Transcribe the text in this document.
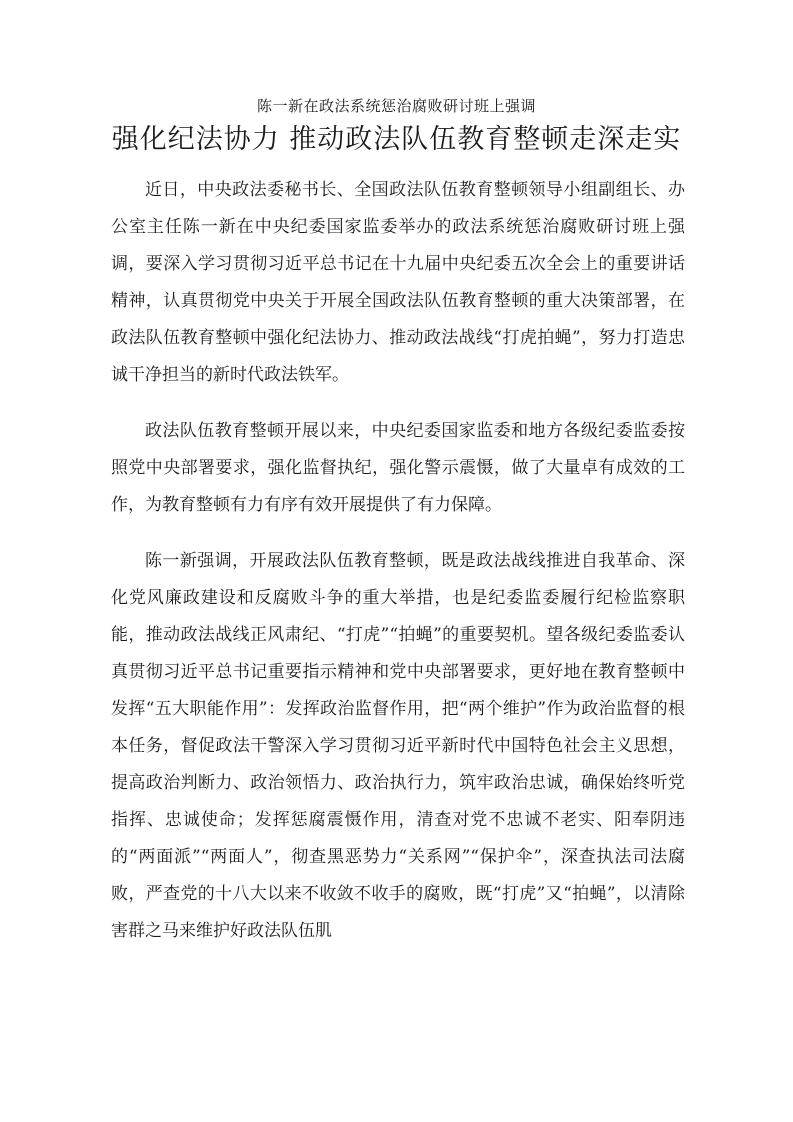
陈一新在政法系统惩治腐败研讨班上强调
强化纪法协力 推动政法队伍教育整顿走深走实

近日，中央政法委秘书长、全国政法队伍教育整顿领导小组副组长、办公室主任陈一新在中央纪委国家监委举办的政法系统惩治腐败研讨班上强调，要深入学习贯彻习近平总书记在十九届中央纪委五次全会上的重要讲话精神，认真贯彻党中央关于开展全国政法队伍教育整顿的重大决策部署，在政法队伍教育整顿中强化纪法协力、推动政法战线“打虎拍蝇”，努力打造忠诚干净担当的新时代政法铁军。

政法队伍教育整顿开展以来，中央纪委国家监委和地方各级纪委监委按照党中央部署要求，强化监督执纪，强化警示震慑，做了大量卓有成效的工作，为教育整顿有力有序有效开展提供了有力保障。

陈一新强调，开展政法队伍教育整顿，既是政法战线推进自我革命、深化党风廉政建设和反腐败斗争的重大举措，也是纪委监委履行纪检监察职能，推动政法战线正风肃纪、“打虎”“拍蝇”的重要契机。望各级纪委监委认真贯彻习近平总书记重要指示精神和党中央部署要求，更好地在教育整顿中发挥“五大职能作用”：发挥政治监督作用，把“两个维护”作为政治监督的根本任务，督促政法干警深入学习贯彻习近平新时代中国特色社会主义思想，提高政治判断力、政治领悟力、政治执行力，筑牢政治忠诚，确保始终听党指挥、忠诚使命；发挥惩腐震慑作用，清查对党不忠诚不老实、阳奉阴违的“两面派”“两面人”，彻查黑恶势力“关系网”“保护伞”，深查执法司法腐败，严查党的十八大以来不收敛不收手的腐败，既“打虎”又“拍蝇”，以清除害群之马来维护好政法队伍肌
